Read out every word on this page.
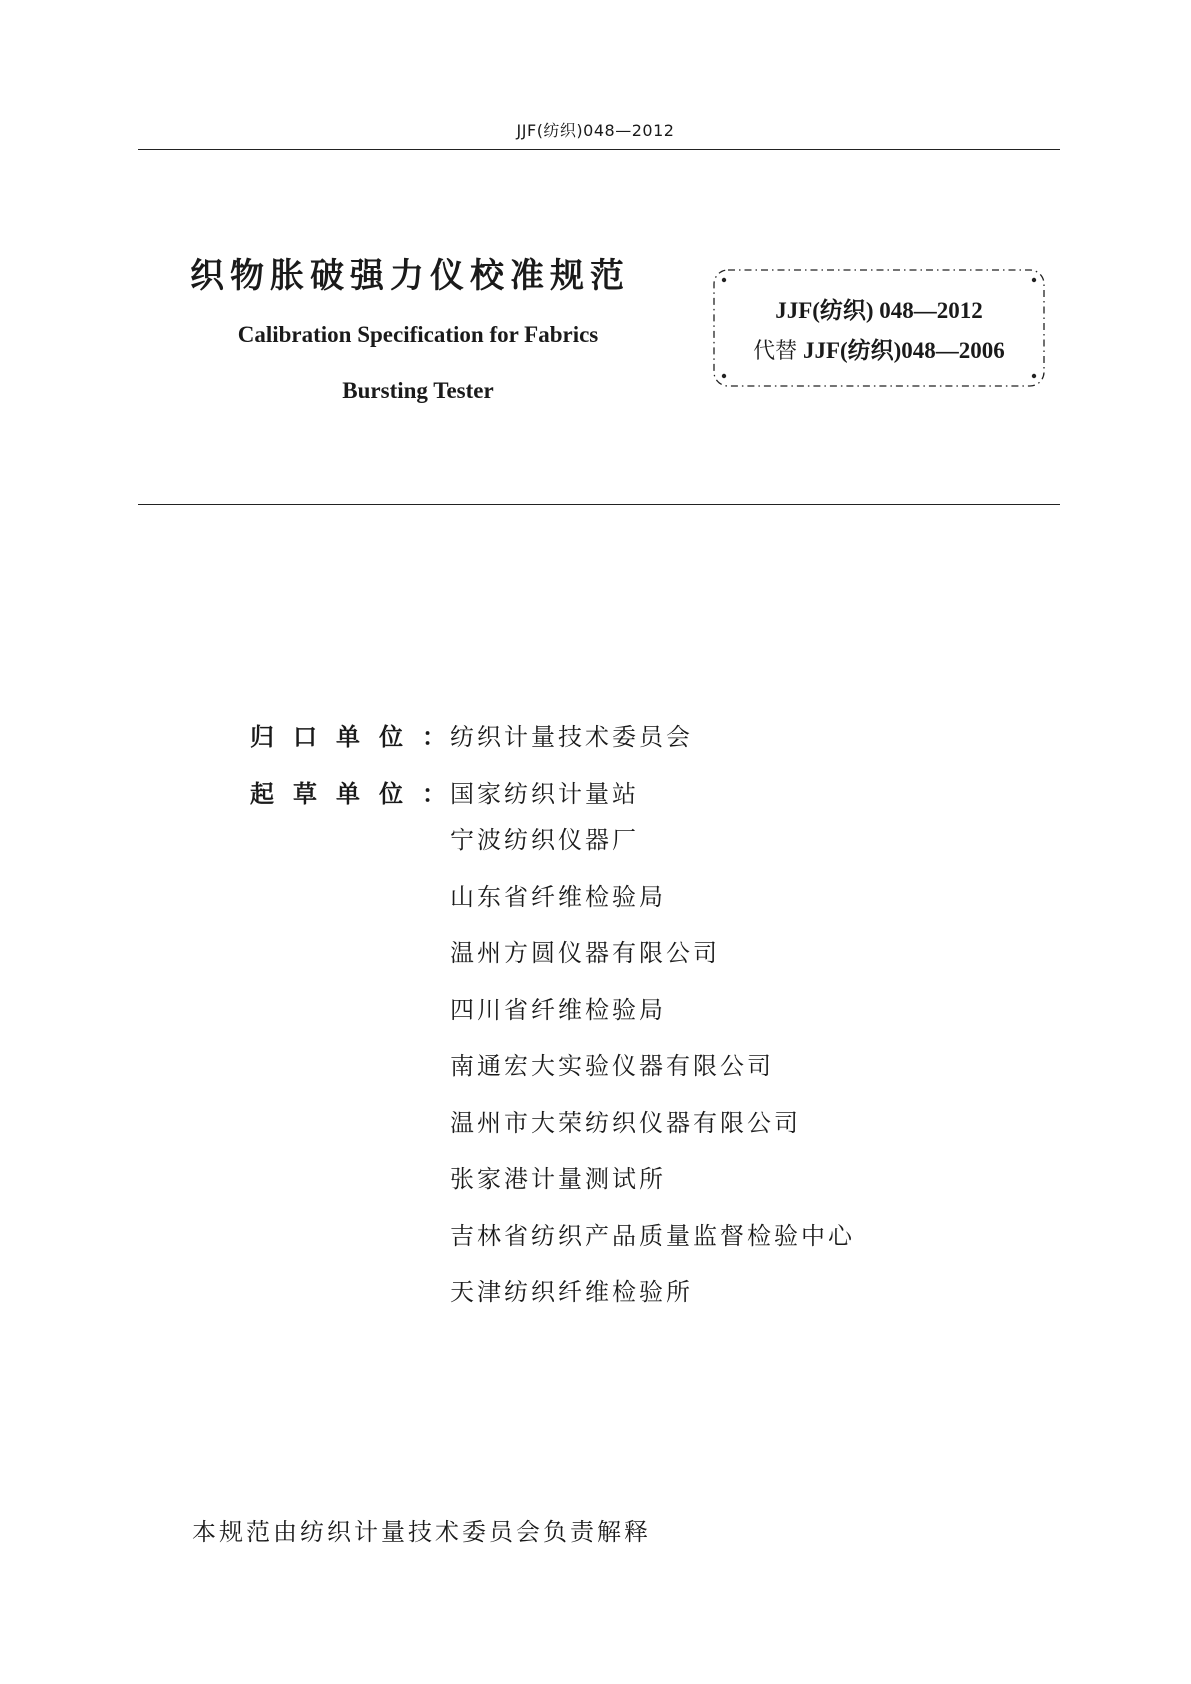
JJF(纺织)048—2012
织物胀破强力仪校准规范
Calibration Specification for Fabrics
Bursting Tester
JJF(纺织) 048—2012
代替 JJF(纺织)048—2006
归口单位：纺织计量技术委员会
起草单位：国家纺织计量站
宁波纺织仪器厂
山东省纤维检验局
温州方圆仪器有限公司
四川省纤维检验局
南通宏大实验仪器有限公司
温州市大荣纺织仪器有限公司
张家港计量测试所
吉林省纺织产品质量监督检验中心
天津纺织纤维检验所
本规范由纺织计量技术委员会负责解释
